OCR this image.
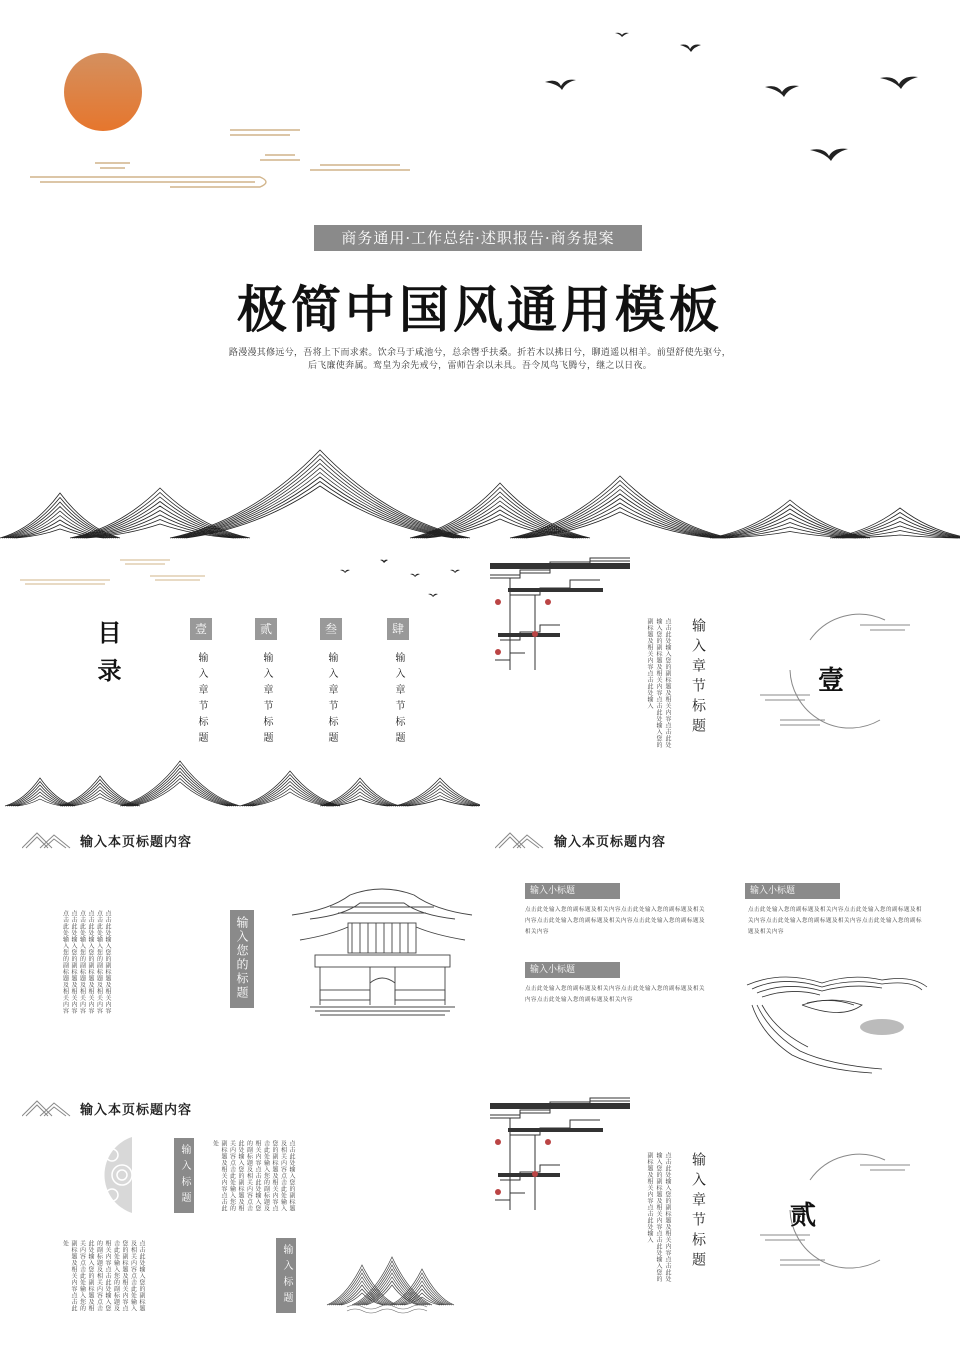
商务通用·工作总结·述职报告·商务提案
极简中国风通用模板
路漫漫其修远兮，吾将上下而求索。饮余马于咸池兮，总余辔乎扶桑。折若木以拂日兮，聊逍遥以相羊。前望舒使先驱兮，
后飞廉使奔属。鸾皇为余先戒兮，雷师告余以未具。吾令凤鸟飞腾兮，继之以日夜。
目录	壹
输入章节标题
贰
输入章节标题
叁
输入章节标题
肆
输入章节标题	输入章节标题
点击此处输入您的副标题及相关内容点击此处输入您的副标题及相关内容点击此处输入您的副标题及相关内容点击此处输入	壹
输入本页标题内容
点击此处输入您的副标题及相关内容点击此处输入您的副标题及相关内容点击此处输入您的副标题及相关内容点击此处输入您的副标题及相关内容点击此处输入您的副标题及相关内容点击此处输入您的副标题及相关内容	输入您的标题
输入本页标题内容
输入小标题
点击此处输入您的副标题及相关内容点击此处输入您的副标题及相关内容点击此处输入您的副标题及相关内容点击此处输入您的副标题及相关内容
输入小标题
点击此处输入您的副标题及相关内容点击此处输入您的副标题及相关内容点击此处输入您的副标题及相关内容
输入小标题
点击此处输入您的副标题及相关内容点击此处输入您的副标题及相关内容点击此处输入您的副标题及相关内容点击此处输入您的副标题及相关内容
输入本页标题内容
输入标题	点击此处输入您的副标题及相关内容点击此处输入您的副标题及相关内容点击此处输入您的副标题及相关内容点击此处输入您的副标题及相关内容点击此处输入您的副标题及相关内容点击此处输入您的副标题及相关内容点击此处
点击此处输入您的副标题及相关内容点击此处输入您的副标题及相关内容点击此处输入您的副标题及相关内容点击此处输入您的副标题及相关内容点击此处输入您的副标题及相关内容点击此处输入您的副标题及相关内容点击此处
输入标题
输入章节标题
点击此处输入您的副标题及相关内容点击此处输入您的副标题及相关内容点击此处输入您的副标题及相关内容点击此处输入	贰
